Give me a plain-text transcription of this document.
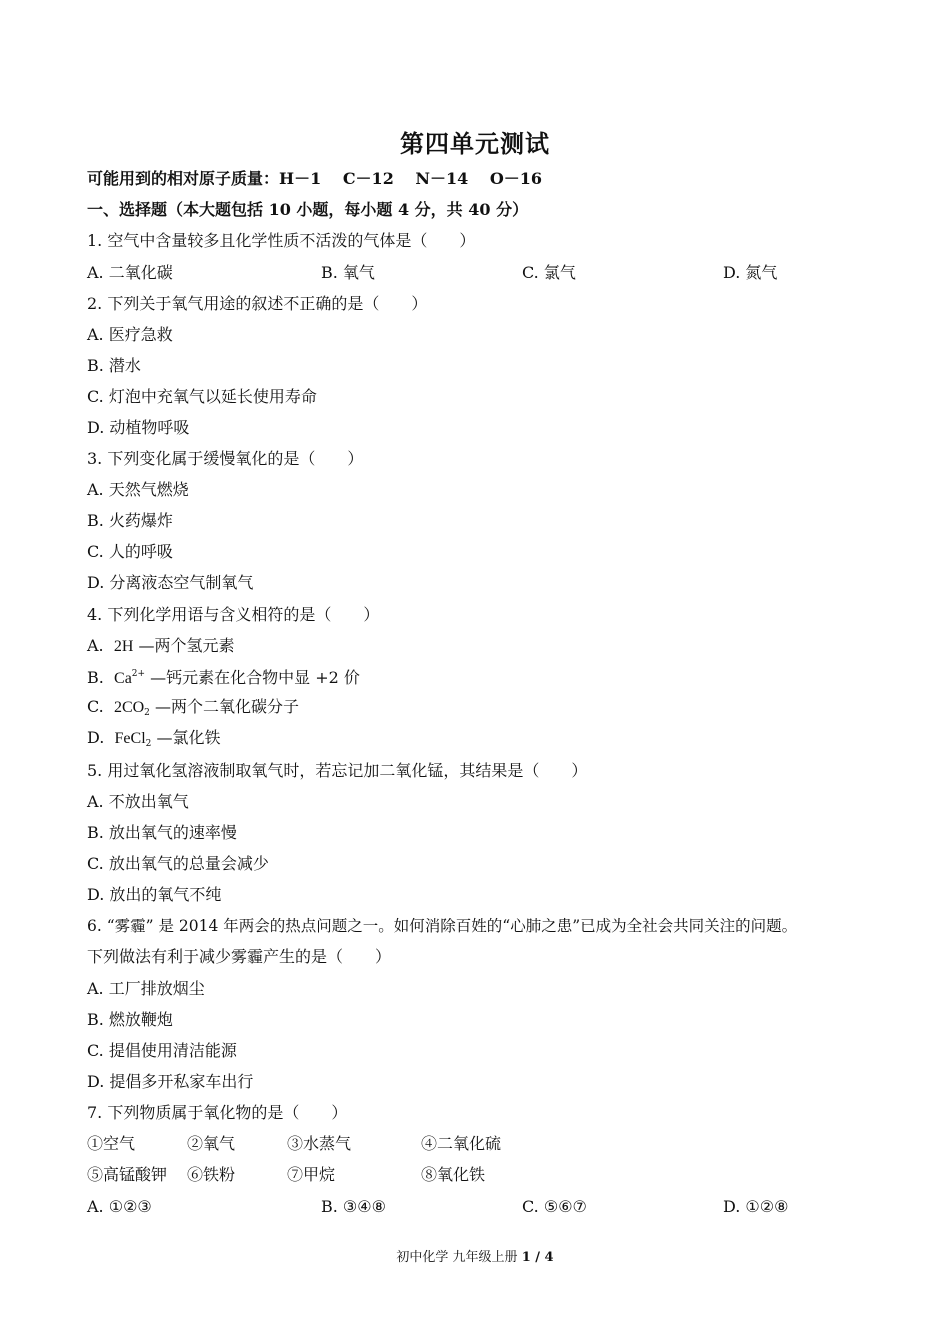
第四单元测试
可能用到的相对原子质量：H－1　 C－12　 N－14　 O－16
一、选择题（本大题包括 10 小题，每小题 4 分，共 40 分）
1. 空气中含量较多且化学性质不活泼的气体是（　　）
A. 二氧化碳	B. 氧气	C. 氯气	D. 氮气
2. 下列关于氧气用途的叙述不正确的是（　　）
A. 医疗急救
B. 潜水
C. 灯泡中充氧气以延长使用寿命
D. 动植物呼吸
3. 下列变化属于缓慢氧化的是（　　）
A. 天然气燃烧
B. 火药爆炸
C. 人的呼吸
D. 分离液态空气制氧气
4. 下列化学用语与含义相符的是（　　）
A. 2H —两个氢元素
B. $Ca^{2+}$ —钙元素在化合物中显 +2 价
C. $2CO_2$ —两个二氧化碳分子
D. FeCl$_2$ —氯化铁
5. 用过氧化氢溶液制取氧气时，若忘记加二氧化锰，其结果是（　　）
A. 不放出氧气
B. 放出氧气的速率慢
C. 放出氧气的总量会减少
D. 放出的氧气不纯
6. “雾霾” 是 2014 年两会的热点问题之一。如何消除百姓的“心肺之患”已成为全社会共同关注的问题。
下列做法有利于减少雾霾产生的是（　　）
A. 工厂排放烟尘
B. 燃放鞭炮
C. 提倡使用清洁能源
D. 提倡多开私家车出行
7. 下列物质属于氧化物的是（　　）
①空气	②氧气	③水蒸气	④二氧化硫
⑤高锰酸钾 ⑥铁粉	⑦甲烷	⑧氧化铁
A. ①②③	B. ③④⑧	C. ⑤⑥⑦	D. ①②⑧
初中化学 九年级上册 1 / 4
